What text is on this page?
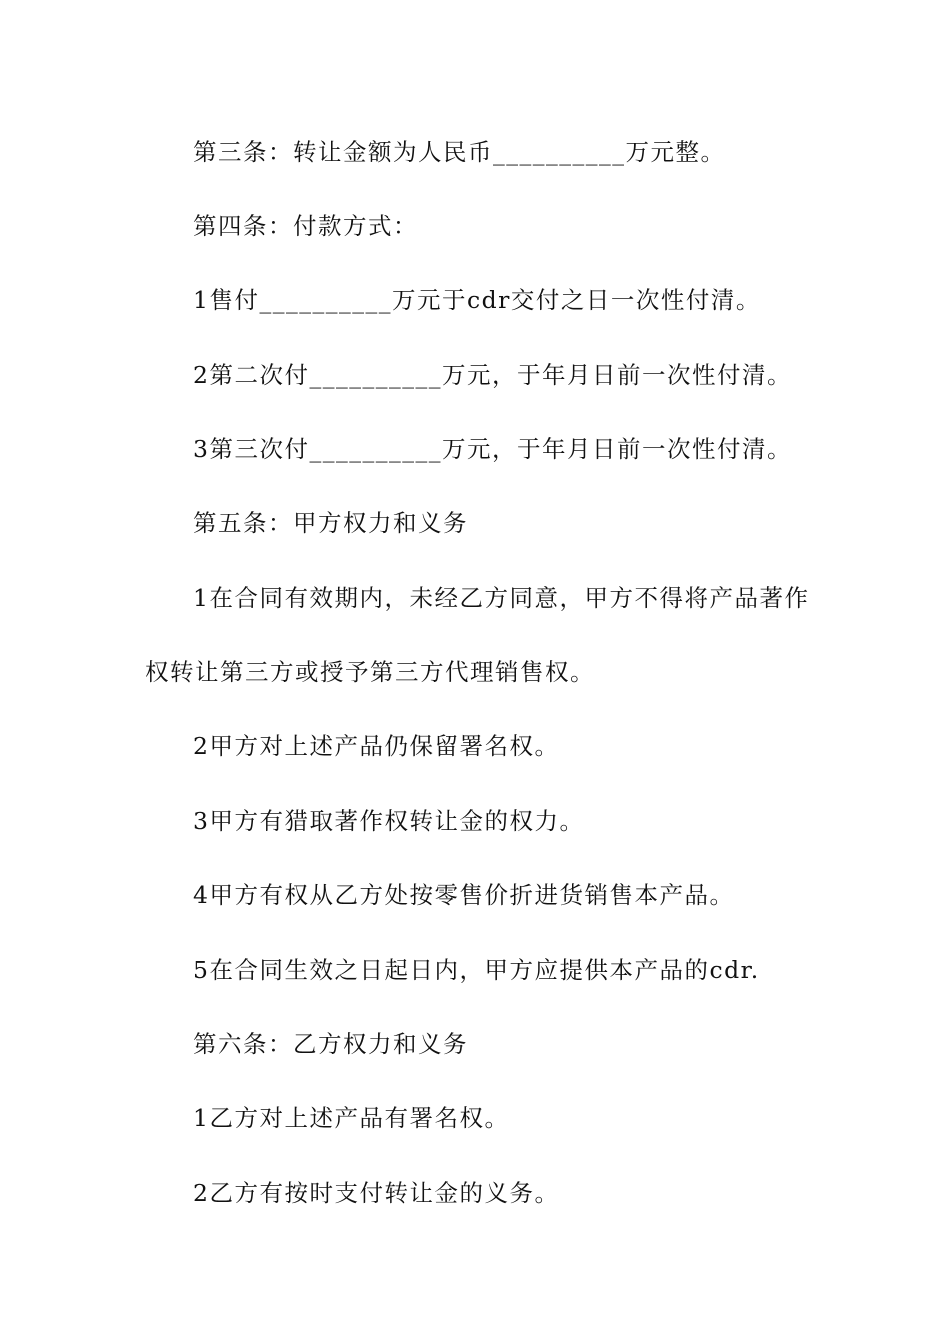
第三条：转让金额为人民币__________万元整。
第四条：付款方式：
1售付__________万元于cdr交付之日一次性付清。
2第二次付__________万元，于年月日前一次性付清。
3第三次付__________万元，于年月日前一次性付清。
第五条：甲方权力和义务
1在合同有效期内，未经乙方同意，甲方不得将产品著作
权转让第三方或授予第三方代理销售权。
2甲方对上述产品仍保留署名权。
3甲方有猎取著作权转让金的权力。
4甲方有权从乙方处按零售价折进货销售本产品。
5在合同生效之日起日内，甲方应提供本产品的cdr.
第六条：乙方权力和义务
1乙方对上述产品有署名权。
2乙方有按时支付转让金的义务。
